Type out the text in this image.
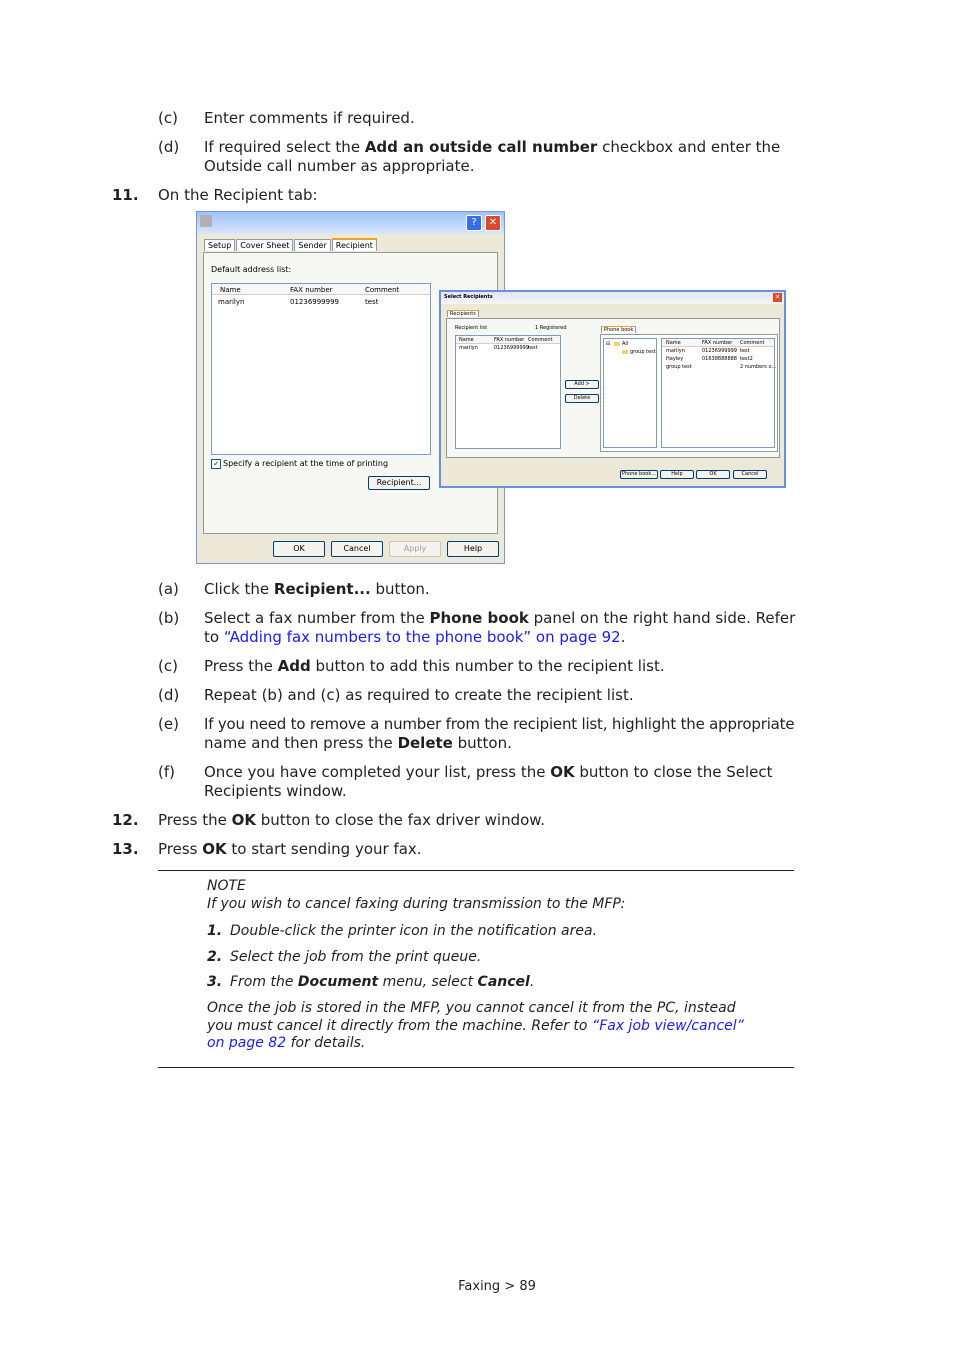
(c) Enter comments if required.
(d) If required select the Add an outside call number checkbox and enter the
Outside call number as appropriate.
11. On the Recipient tab:
?	✕
Setup Cover Sheet Sender Recipient
Default address list:
Name	FAX number	Comment
marilyn	01236999999	test
✔ Specify a recipient at the time of printing
Recipient...
OK	Cancel	Apply	Help
Select Recipients	✕
Recipients
Recipient list	1 Registered
Name	FAX number Comment
marilyn	01236999999 test
Add >
Delete
Phone book
⊟ All
group test
Name	FAX number Comment
marilyn	01236999999 test
Hayley	01638888888 test2
group test	2 numbers o...
Phone book...	Help	OK	Cancel
(a) Click the Recipient... button.
(b) Select a fax number from the Phone book panel on the right hand side. Refer
to “Adding fax numbers to the phone book” on page 92.
(c) Press the Add button to add this number to the recipient list.
(d) Repeat (b) and (c) as required to create the recipient list.
(e) If you need to remove a number from the recipient list, highlight the appropriate
name and then press the Delete button.
(f) Once you have completed your list, press the OK button to close the Select
Recipients window.
12. Press the OK button to close the fax driver window.
13. Press OK to start sending your fax.
NOTE
If you wish to cancel faxing during transmission to the MFP:
1. Double-click the printer icon in the notification area.
2. Select the job from the print queue.
3. From the Document menu, select Cancel.
Once the job is stored in the MFP, you cannot cancel it from the PC, instead
you must cancel it directly from the machine. Refer to “Fax job view/cancel”
on page 82 for details.
Faxing > 89
